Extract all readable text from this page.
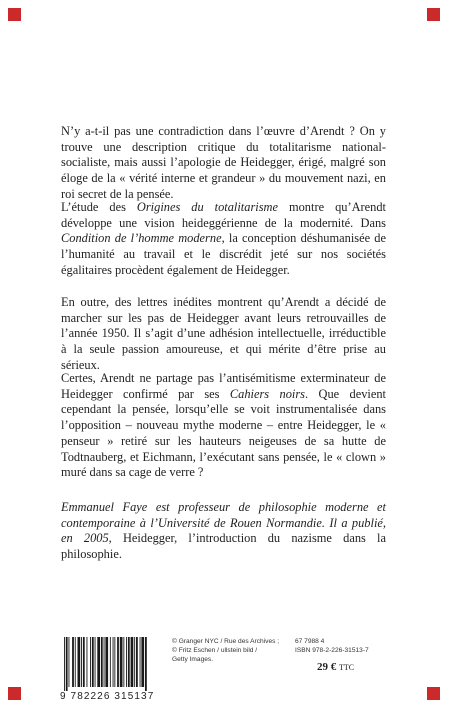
N’y a-t-il pas une contradiction dans l’œuvre d’Arendt ? On y trouve une description critique du totalitarisme national-socialiste, mais aussi l’apologie de Heidegger, érigé, malgré son éloge de la « vérité interne et grandeur » du mouvement nazi, en roi secret de la pensée.

L’étude des Origines du totalitarisme montre qu’Arendt développe une vision heideggérienne de la modernité. Dans Condition de l’homme moderne, la conception déshumanisée de l’humanité au travail et le discrédit jeté sur nos sociétés égalitaires procèdent également de Heidegger.

En outre, des lettres inédites montrent qu’Arendt a décidé de marcher sur les pas de Heidegger avant leurs retrouvailles de l’année 1950. Il s’agit d’une adhésion intellectuelle, irréductible à la seule passion amoureuse, et qui mérite d’être prise au sérieux.

Certes, Arendt ne partage pas l’antisémitisme exterminateur de Heidegger confirmé par ses Cahiers noirs. Que devient cependant la pensée, lorsqu’elle se voit instrumentalisée dans l’opposition – nouveau mythe moderne – entre Heidegger, le « penseur » retiré sur les hauteurs neigeuses de sa hutte de Todtnauberg, et Eichmann, l’exécutant sans pensée, le « clown » muré dans sa cage de verre ?

Emmanuel Faye est professeur de philosophie moderne et contemporaine à l’Université de Rouen Normandie. Il a publié, en 2005, Heidegger, l’introduction du nazisme dans la philosophie.

9 782226 315137
© Granger NYC / Rue des Archives ;
© Fritz Eschen / ullstein bild /
Getty Images.
67 7988 4
ISBN 978-2-226-31513-7
29 € TTC
